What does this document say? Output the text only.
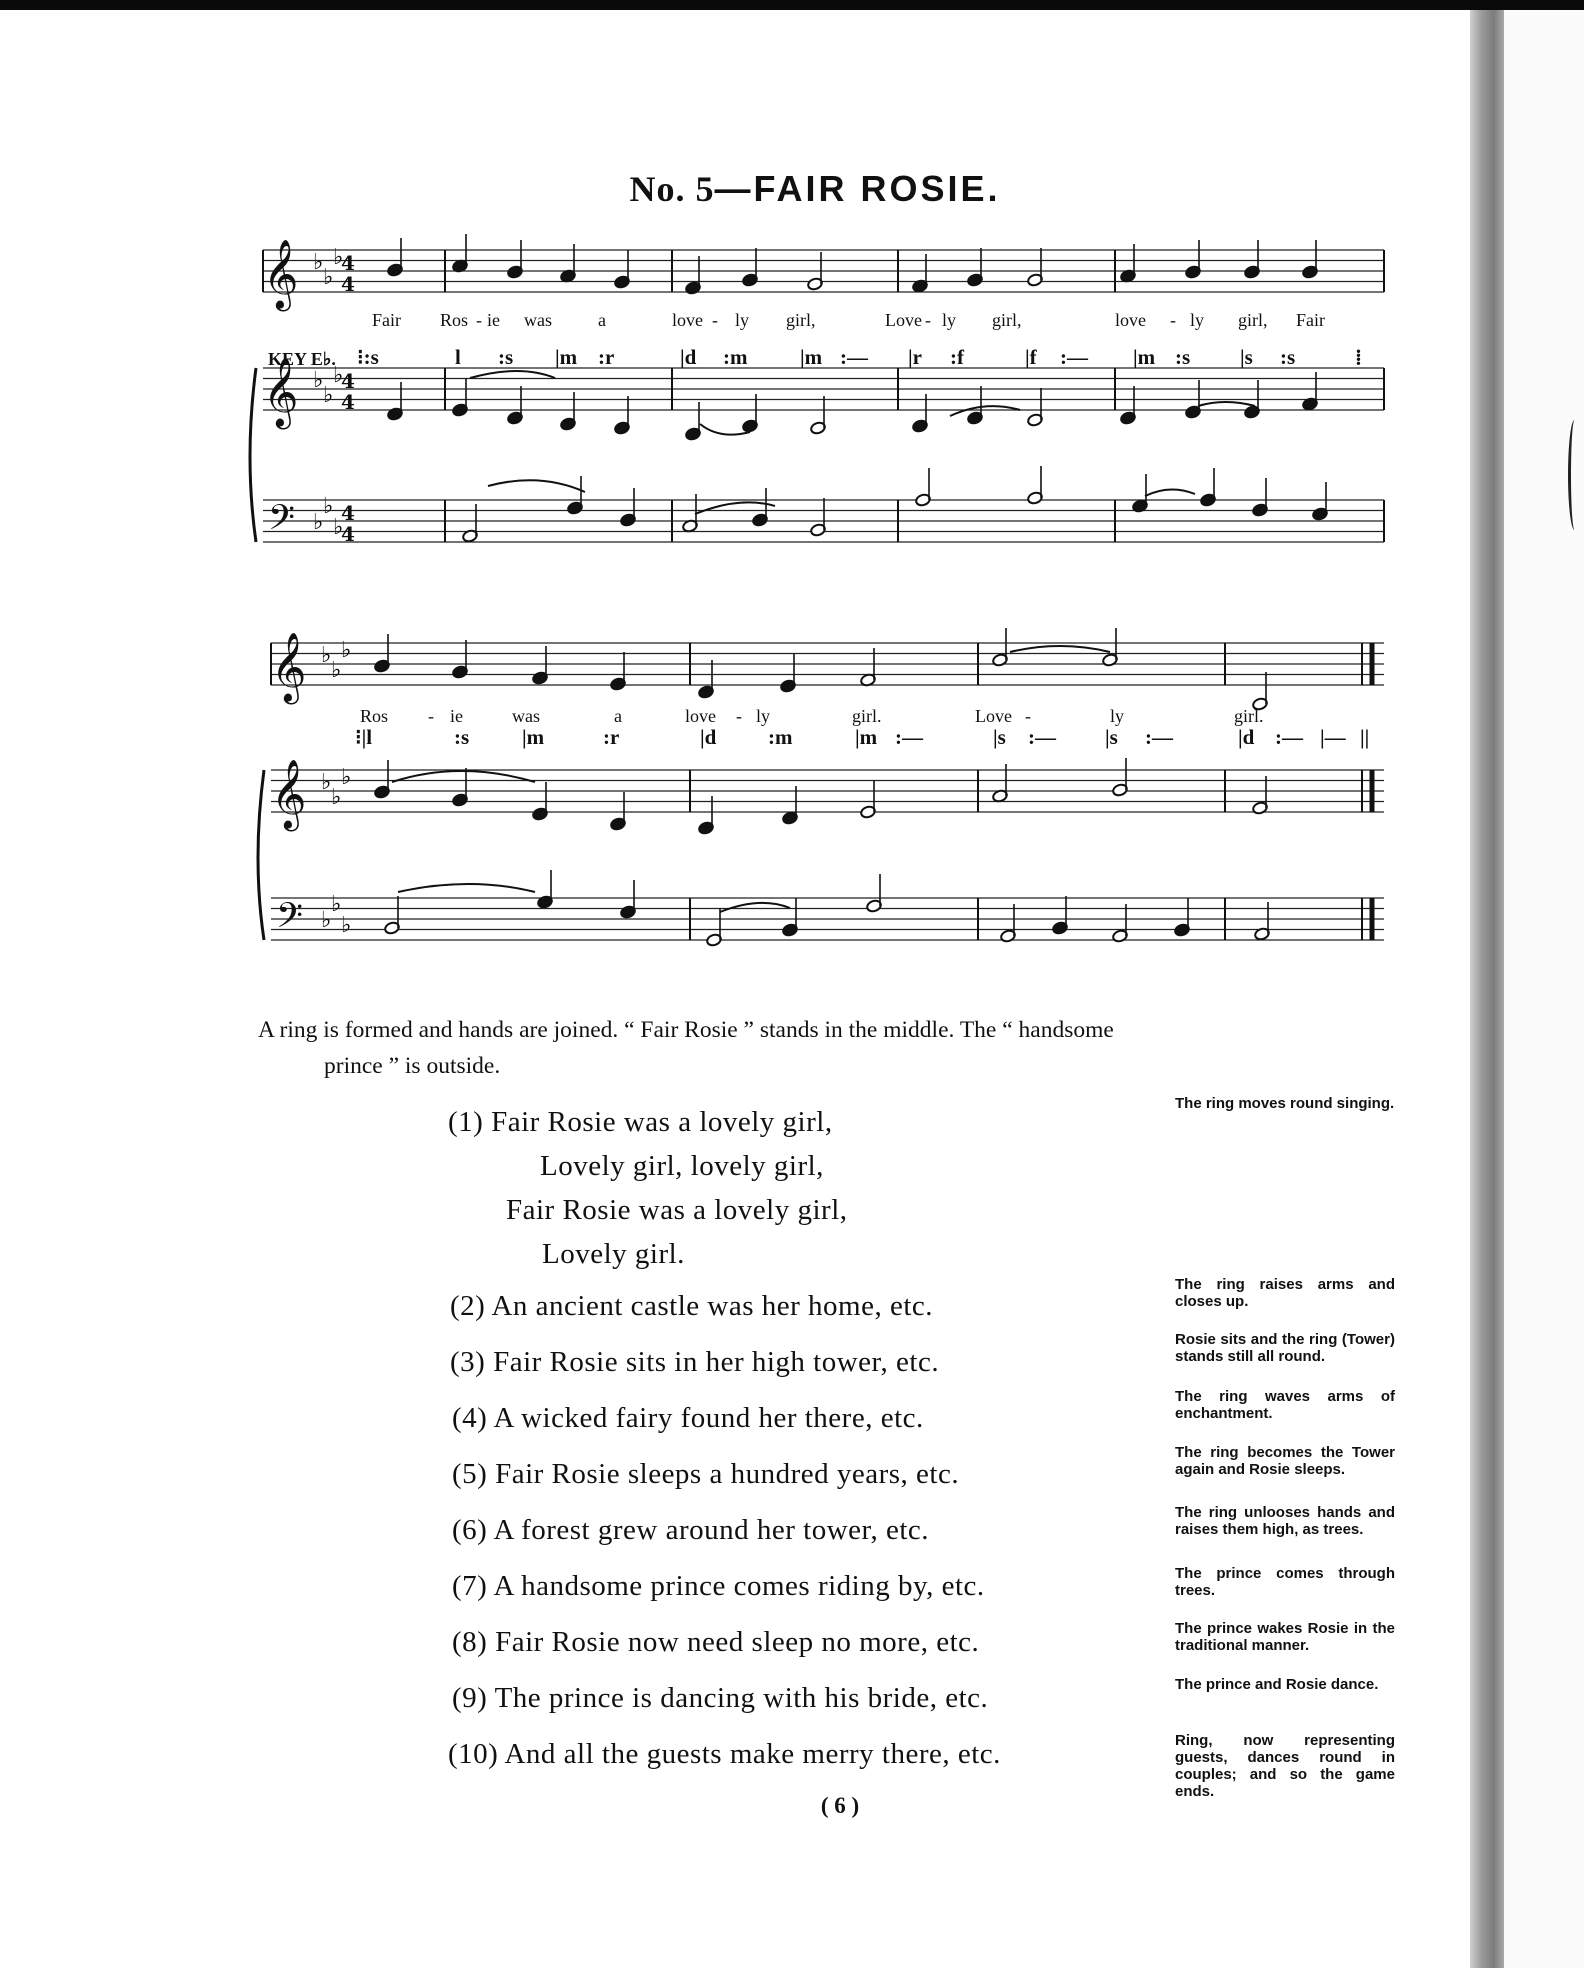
No. 5—FAIR ROSIE.
𝄞
𝄞
𝄢
♭
♭
♭
4
4
♭
♭
♭
4
4
♭
♭
♭
4
4
Fair Ros - ie was	a	love - ly girl,	Love - ly girl,	love - ly girl, Fair
KEY E♭. ⁝:s	l :s |m :r	|d :m	|m :— |r :f	|f :— |m :s |s :s	⁞
𝄞
𝄞
𝄢
♭
♭
♭
♭
♭
♭
♭
♭
♭
Ros - ie	was	a	love - ly	girl.	Love -	ly	girl.
⁝|l	:s	|m	:r	|d :m	|m :—	|s :— |s :—	|d :— |— ||
A ring is formed and hands are joined. “ Fair Rosie ” stands in the middle. The “ handsome
prince ” is outside.
(1) Fair Rosie was a lovely girl,
Lovely girl, lovely girl,
Fair Rosie was a lovely girl,
Lovely girl.
(2) An ancient castle was her home, etc.
(3) Fair Rosie sits in her high tower, etc.
(4) A wicked fairy found her there, etc.
(5) Fair Rosie sleeps a hundred years, etc.
(6) A forest grew around her tower, etc.
(7) A handsome prince comes riding by, etc.
(8) Fair Rosie now need sleep no more, etc.
(9) The prince is dancing with his bride, etc.
(10) And all the guests make merry there, etc.
The ring moves round singing.
The ring raises arms and closes up.
Rosie sits and the ring (Tower) stands still all round.
The ring waves arms of enchantment.
The ring becomes the Tower again and Rosie sleeps.
The ring unlooses hands and raises them high, as trees.
The prince comes through trees.
The prince wakes Rosie in the traditional manner.
The prince and Rosie dance.
Ring, now representing guests, dances round in couples; and so the game ends.
( 6 )
